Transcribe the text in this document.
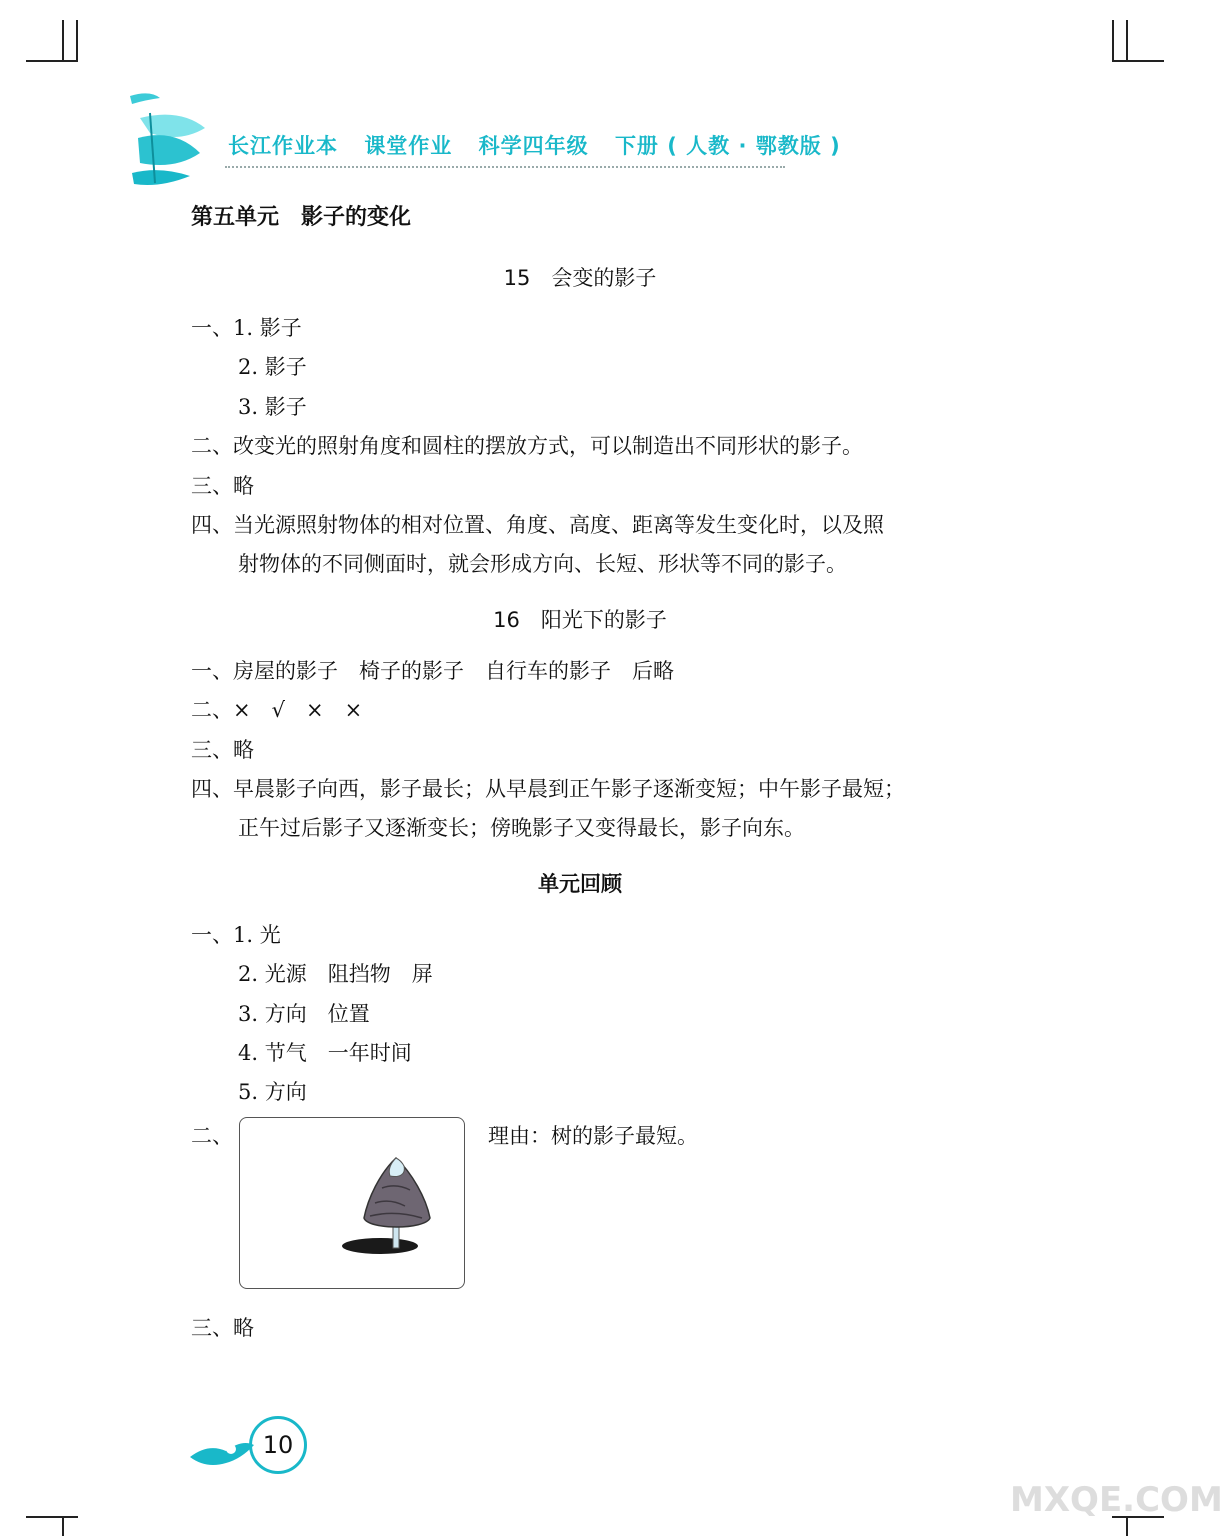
长江作业本 课堂作业 科学四年级 下册 ( 人教 · 鄂教版 )
第五单元　影子的变化
15　会变的影子
一、1. 影子
2. 影子
3. 影子
二、改变光的照射角度和圆柱的摆放方式，可以制造出不同形状的影子。
三、略
四、当光源照射物体的相对位置、角度、高度、距离等发生变化时，以及照
射物体的不同侧面时，就会形成方向、长短、形状等不同的影子。
16　阳光下的影子
一、房屋的影子　椅子的影子　自行车的影子　后略
二、×　√　×　×
三、略
四、早晨影子向西，影子最长；从早晨到正午影子逐渐变短；中午影子最短；
正午过后影子又逐渐变长；傍晚影子又变得最长，影子向东。
单元回顾
一、1. 光
2. 光源　阻挡物　屏
3. 方向　位置
4. 节气　一年时间
5. 方向
二、	理由：树的影子最短。
三、略
10
MXQE.COM
